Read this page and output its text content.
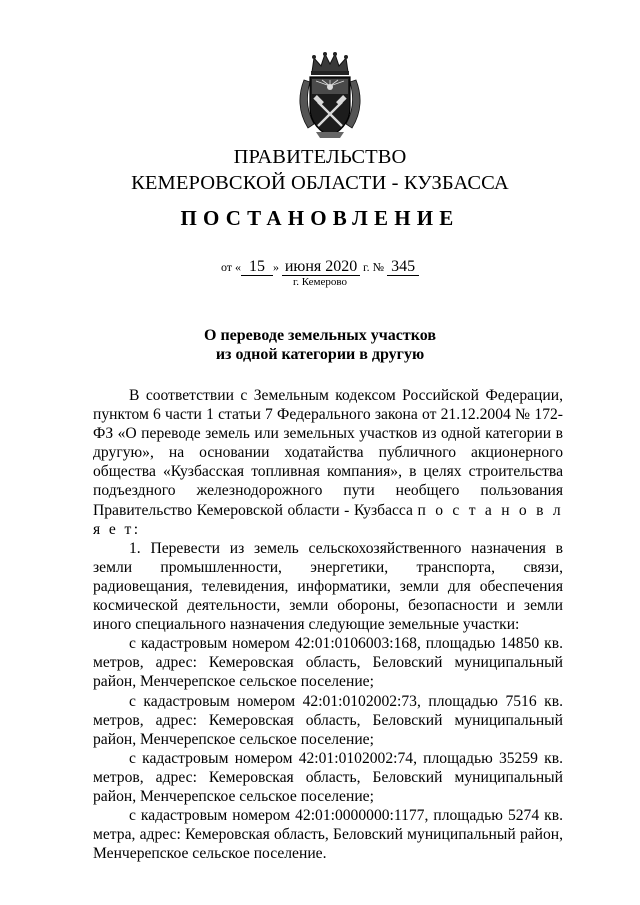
ПРАВИТЕЛЬСТВО
КЕМЕРОВСКОЙ ОБЛАСТИ - КУЗБАССА
ПОСТАНОВЛЕНИЕ
от « 15 » июня 2020 г. № 345
г. Кемерово
О переводе земельных участков
из одной категории в другую

В соответствии с Земельным кодексом Российской Федерации, пунктом 6 части 1 статьи 7 Федерального закона от 21.12.2004 № 172-ФЗ «О переводе земель или земельных участков из одной категории в другую», на основании ходатайства публичного акционерного общества «Кузбасская топливная компания», в целях строительства подъездного железнодорожного пути необщего пользования Правительство Кемеровской области - Кузбасса п о с т а н о в л я е т:

1. Перевести из земель сельскохозяйственного назначения в земли промышленности, энергетики, транспорта, связи, радиовещания, телевидения, информатики, земли для обеспечения космической деятельности, земли обороны, безопасности и земли иного специального назначения следующие земельные участки:

с кадастровым номером 42:01:0106003:168, площадью 14850 кв. метров, адрес: Кемеровская область, Беловский муниципальный район, Менчерепское сельское поселение;

с кадастровым номером 42:01:0102002:73, площадью 7516 кв. метров, адрес: Кемеровская область, Беловский муниципальный район, Менчерепское сельское поселение;

с кадастровым номером 42:01:0102002:74, площадью 35259 кв. метров, адрес: Кемеровская область, Беловский муниципальный район, Менчерепское сельское поселение;

с кадастровым номером 42:01:0000000:1177, площадью 5274 кв. метра, адрес: Кемеровская область, Беловский муниципальный район, Менчерепское сельское поселение.
